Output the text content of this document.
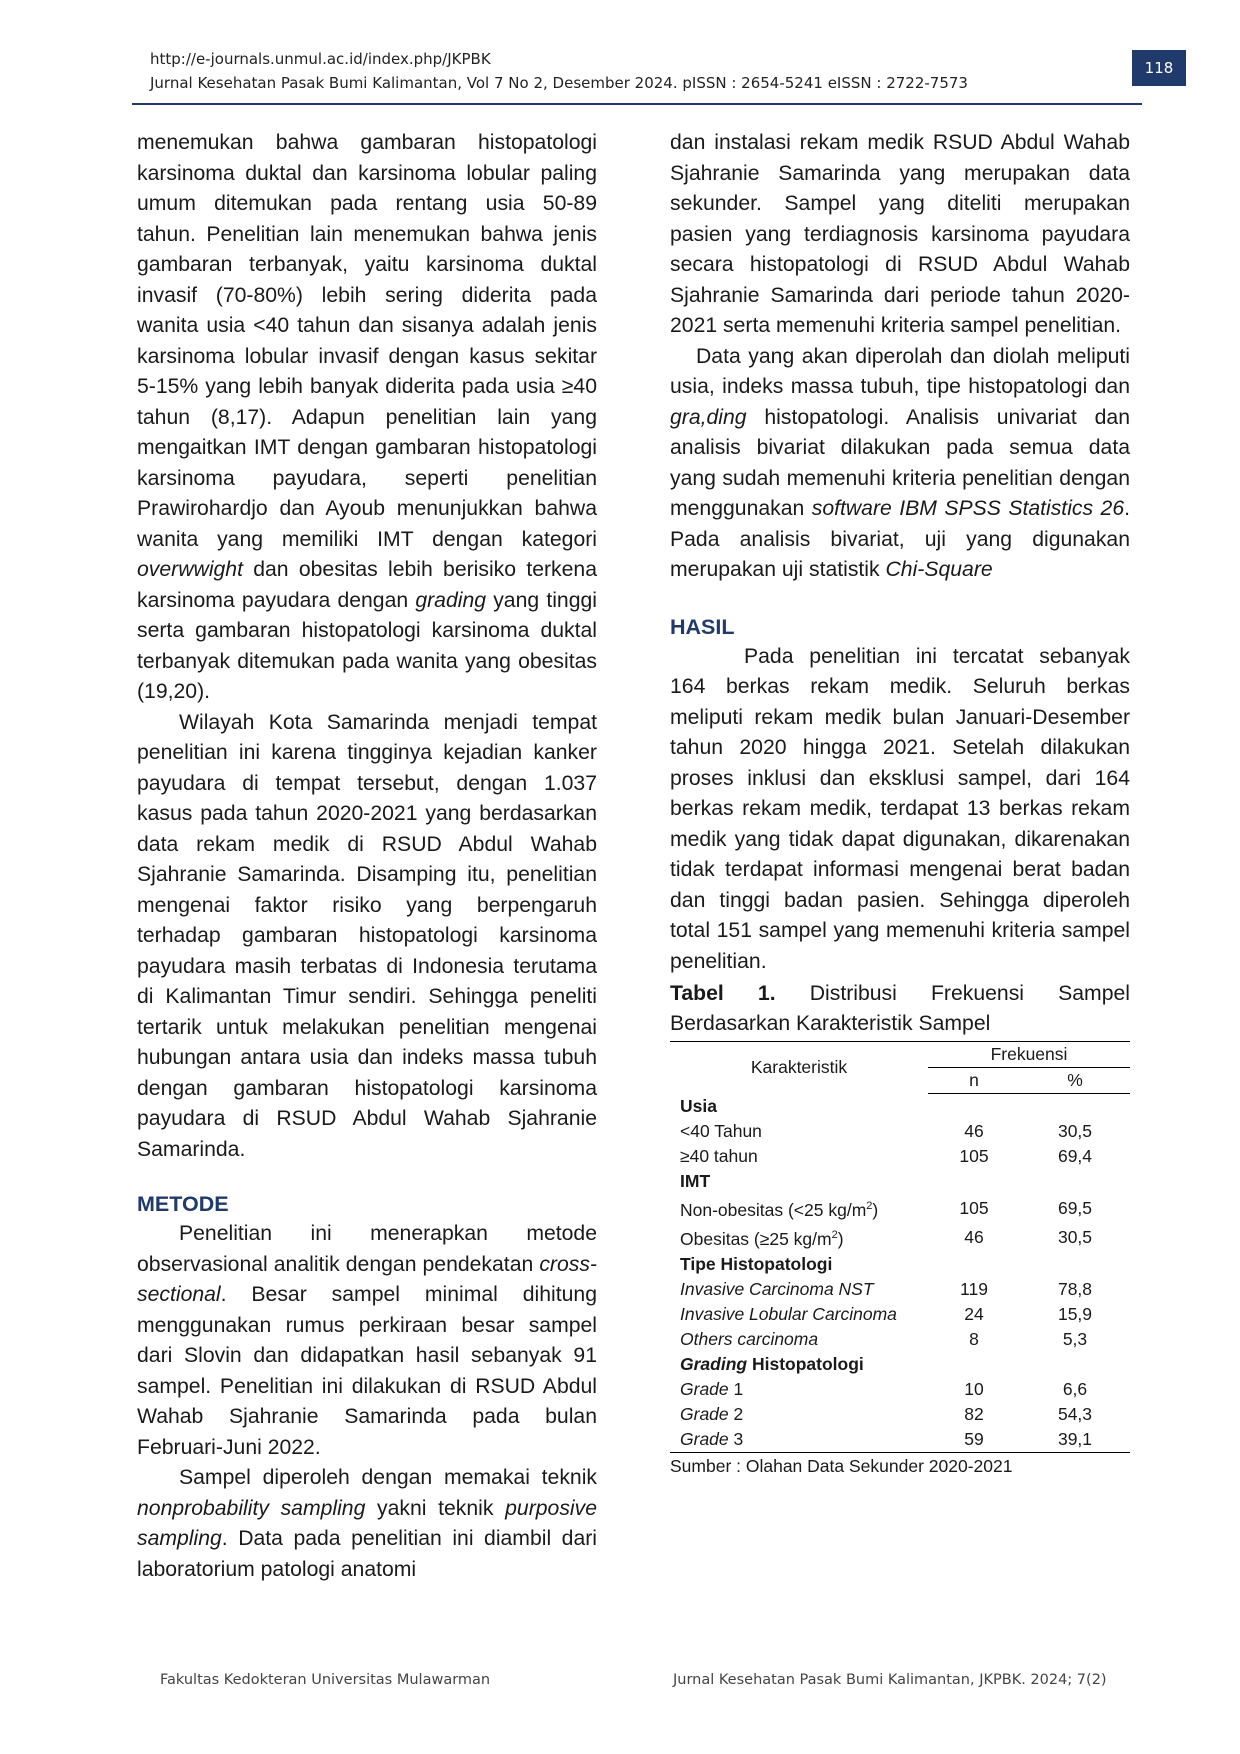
http://e-journals.unmul.ac.id/index.php/JKPBK
Jurnal Kesehatan Pasak Bumi Kalimantan, Vol 7 No 2, Desember 2024. pISSN : 2654-5241 eISSN : 2722-7573
118

menemukan bahwa gambaran histopatologi karsinoma duktal dan karsinoma lobular paling umum ditemukan pada rentang usia 50-89 tahun. Penelitian lain menemukan bahwa jenis gambaran terbanyak, yaitu karsinoma duktal invasif (70-80%) lebih sering diderita pada wanita usia <40 tahun dan sisanya adalah jenis karsinoma lobular invasif dengan kasus sekitar 5-15% yang lebih banyak diderita pada usia ≥40 tahun (8,17). Adapun penelitian lain yang mengaitkan IMT dengan gambaran histopatologi karsinoma payudara, seperti penelitian Prawirohardjo dan Ayoub menunjukkan bahwa wanita yang memiliki IMT dengan kategori overwwight dan obesitas lebih berisiko terkena karsinoma payudara dengan grading yang tinggi serta gambaran histopatologi karsinoma duktal terbanyak ditemukan pada wanita yang obesitas (19,20).

Wilayah Kota Samarinda menjadi tempat penelitian ini karena tingginya kejadian kanker payudara di tempat tersebut, dengan 1.037 kasus pada tahun 2020-2021 yang berdasarkan data rekam medik di RSUD Abdul Wahab Sjahranie Samarinda. Disamping itu, penelitian mengenai faktor risiko yang berpengaruh terhadap gambaran histopatologi karsinoma payudara masih terbatas di Indonesia terutama di Kalimantan Timur sendiri. Sehingga peneliti tertarik untuk melakukan penelitian mengenai hubungan antara usia dan indeks massa tubuh dengan gambaran histopatologi karsinoma payudara di RSUD Abdul Wahab Sjahranie Samarinda.

METODE

Penelitian ini menerapkan metode observasional analitik dengan pendekatan cross-sectional. Besar sampel minimal dihitung menggunakan rumus perkiraan besar sampel dari Slovin dan didapatkan hasil sebanyak 91 sampel. Penelitian ini dilakukan di RSUD Abdul Wahab Sjahranie Samarinda pada bulan Februari-Juni 2022.

Sampel diperoleh dengan memakai teknik nonprobability sampling yakni teknik purposive sampling. Data pada penelitian ini diambil dari laboratorium patologi anatomi

dan instalasi rekam medik RSUD Abdul Wahab Sjahranie Samarinda yang merupakan data sekunder. Sampel yang diteliti merupakan pasien yang terdiagnosis karsinoma payudara secara histopatologi di RSUD Abdul Wahab Sjahranie Samarinda dari periode tahun 2020-2021 serta memenuhi kriteria sampel penelitian.

Data yang akan diperolah dan diolah meliputi usia, indeks massa tubuh, tipe histopatologi dan gra,ding histopatologi. Analisis univariat dan analisis bivariat dilakukan pada semua data yang sudah memenuhi kriteria penelitian dengan menggunakan software IBM SPSS Statistics 26. Pada analisis bivariat, uji yang digunakan merupakan uji statistik Chi-Square

HASIL

Pada penelitian ini tercatat sebanyak 164 berkas rekam medik. Seluruh berkas meliputi rekam medik bulan Januari-Desember tahun 2020 hingga 2021. Setelah dilakukan proses inklusi dan eksklusi sampel, dari 164 berkas rekam medik, terdapat 13 berkas rekam medik yang tidak dapat digunakan, dikarenakan tidak terdapat informasi mengenai berat badan dan tinggi badan pasien. Sehingga diperoleh total 151 sampel yang memenuhi kriteria sampel penelitian.

Tabel 1. Distribusi Frekuensi Sampel Berdasarkan Karakteristik Sampel

Karakteristik	Frekuensi	
	n	%
Usia		
<40 Tahun	46	30,5
≥40 tahun	105	69,4
IMT		
Non-obesitas (<25 $kg/m^2$)	105	69,5
Obesitas (≥25 $kg/m^2$)	46	30,5
Tipe Histopatologi		
Invasive Carcinoma NST	119	78,8
Invasive Lobular Carcinoma	24	15,9
Others carcinoma	8	5,3
Grading Histopatologi		
Grade 1	10	6,6
Grade 2	82	54,3
Grade 3	59	39,1

Sumber : Olahan Data Sekunder 2020-2021

Fakultas Kedokteran Universitas Mulawarman	Jurnal Kesehatan Pasak Bumi Kalimantan, JKPBK. 2024; 7(2)
